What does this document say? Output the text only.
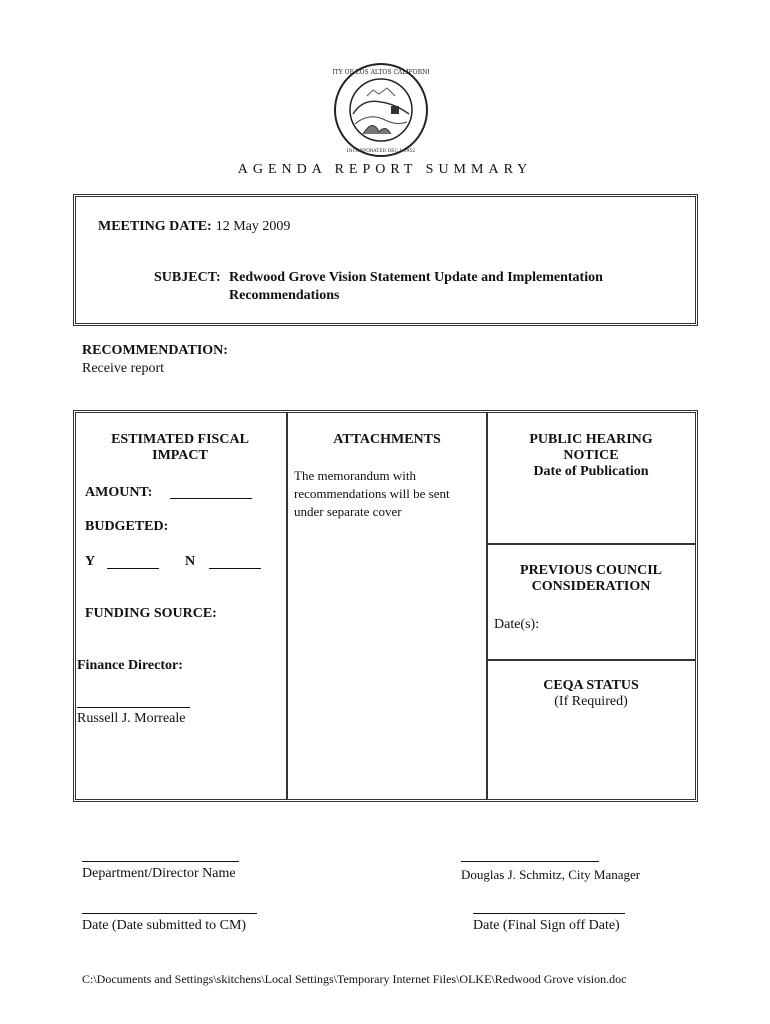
CITY OF LOS ALTOS CALIFORNIA
INCORPORATED DEC 1 1952
AGENDA REPORT SUMMARY
MEETING DATE: 12 May 2009
SUBJECT: Redwood Grove Vision Statement Update and Implementation
Recommendations
RECOMMENDATION:
Receive report
ESTIMATED FISCAL
IMPACT
AMOUNT:
BUDGETED:
Y	N
FUNDING SOURCE:
Finance Director:
Russell J. Morreale
ATTACHMENTS
The memorandum with
recommendations will be sent
under separate cover
PUBLIC HEARING
NOTICE
Date of Publication
PREVIOUS COUNCIL
CONSIDERATION
Date(s):
CEQA STATUS
(If Required)
Department/Director Name	Douglas J. Schmitz, City Manager
Date (Date submitted to CM)	Date (Final Sign off Date)
C:\Documents and Settings\skitchens\Local Settings\Temporary Internet Files\OLKE\Redwood Grove vision.doc
